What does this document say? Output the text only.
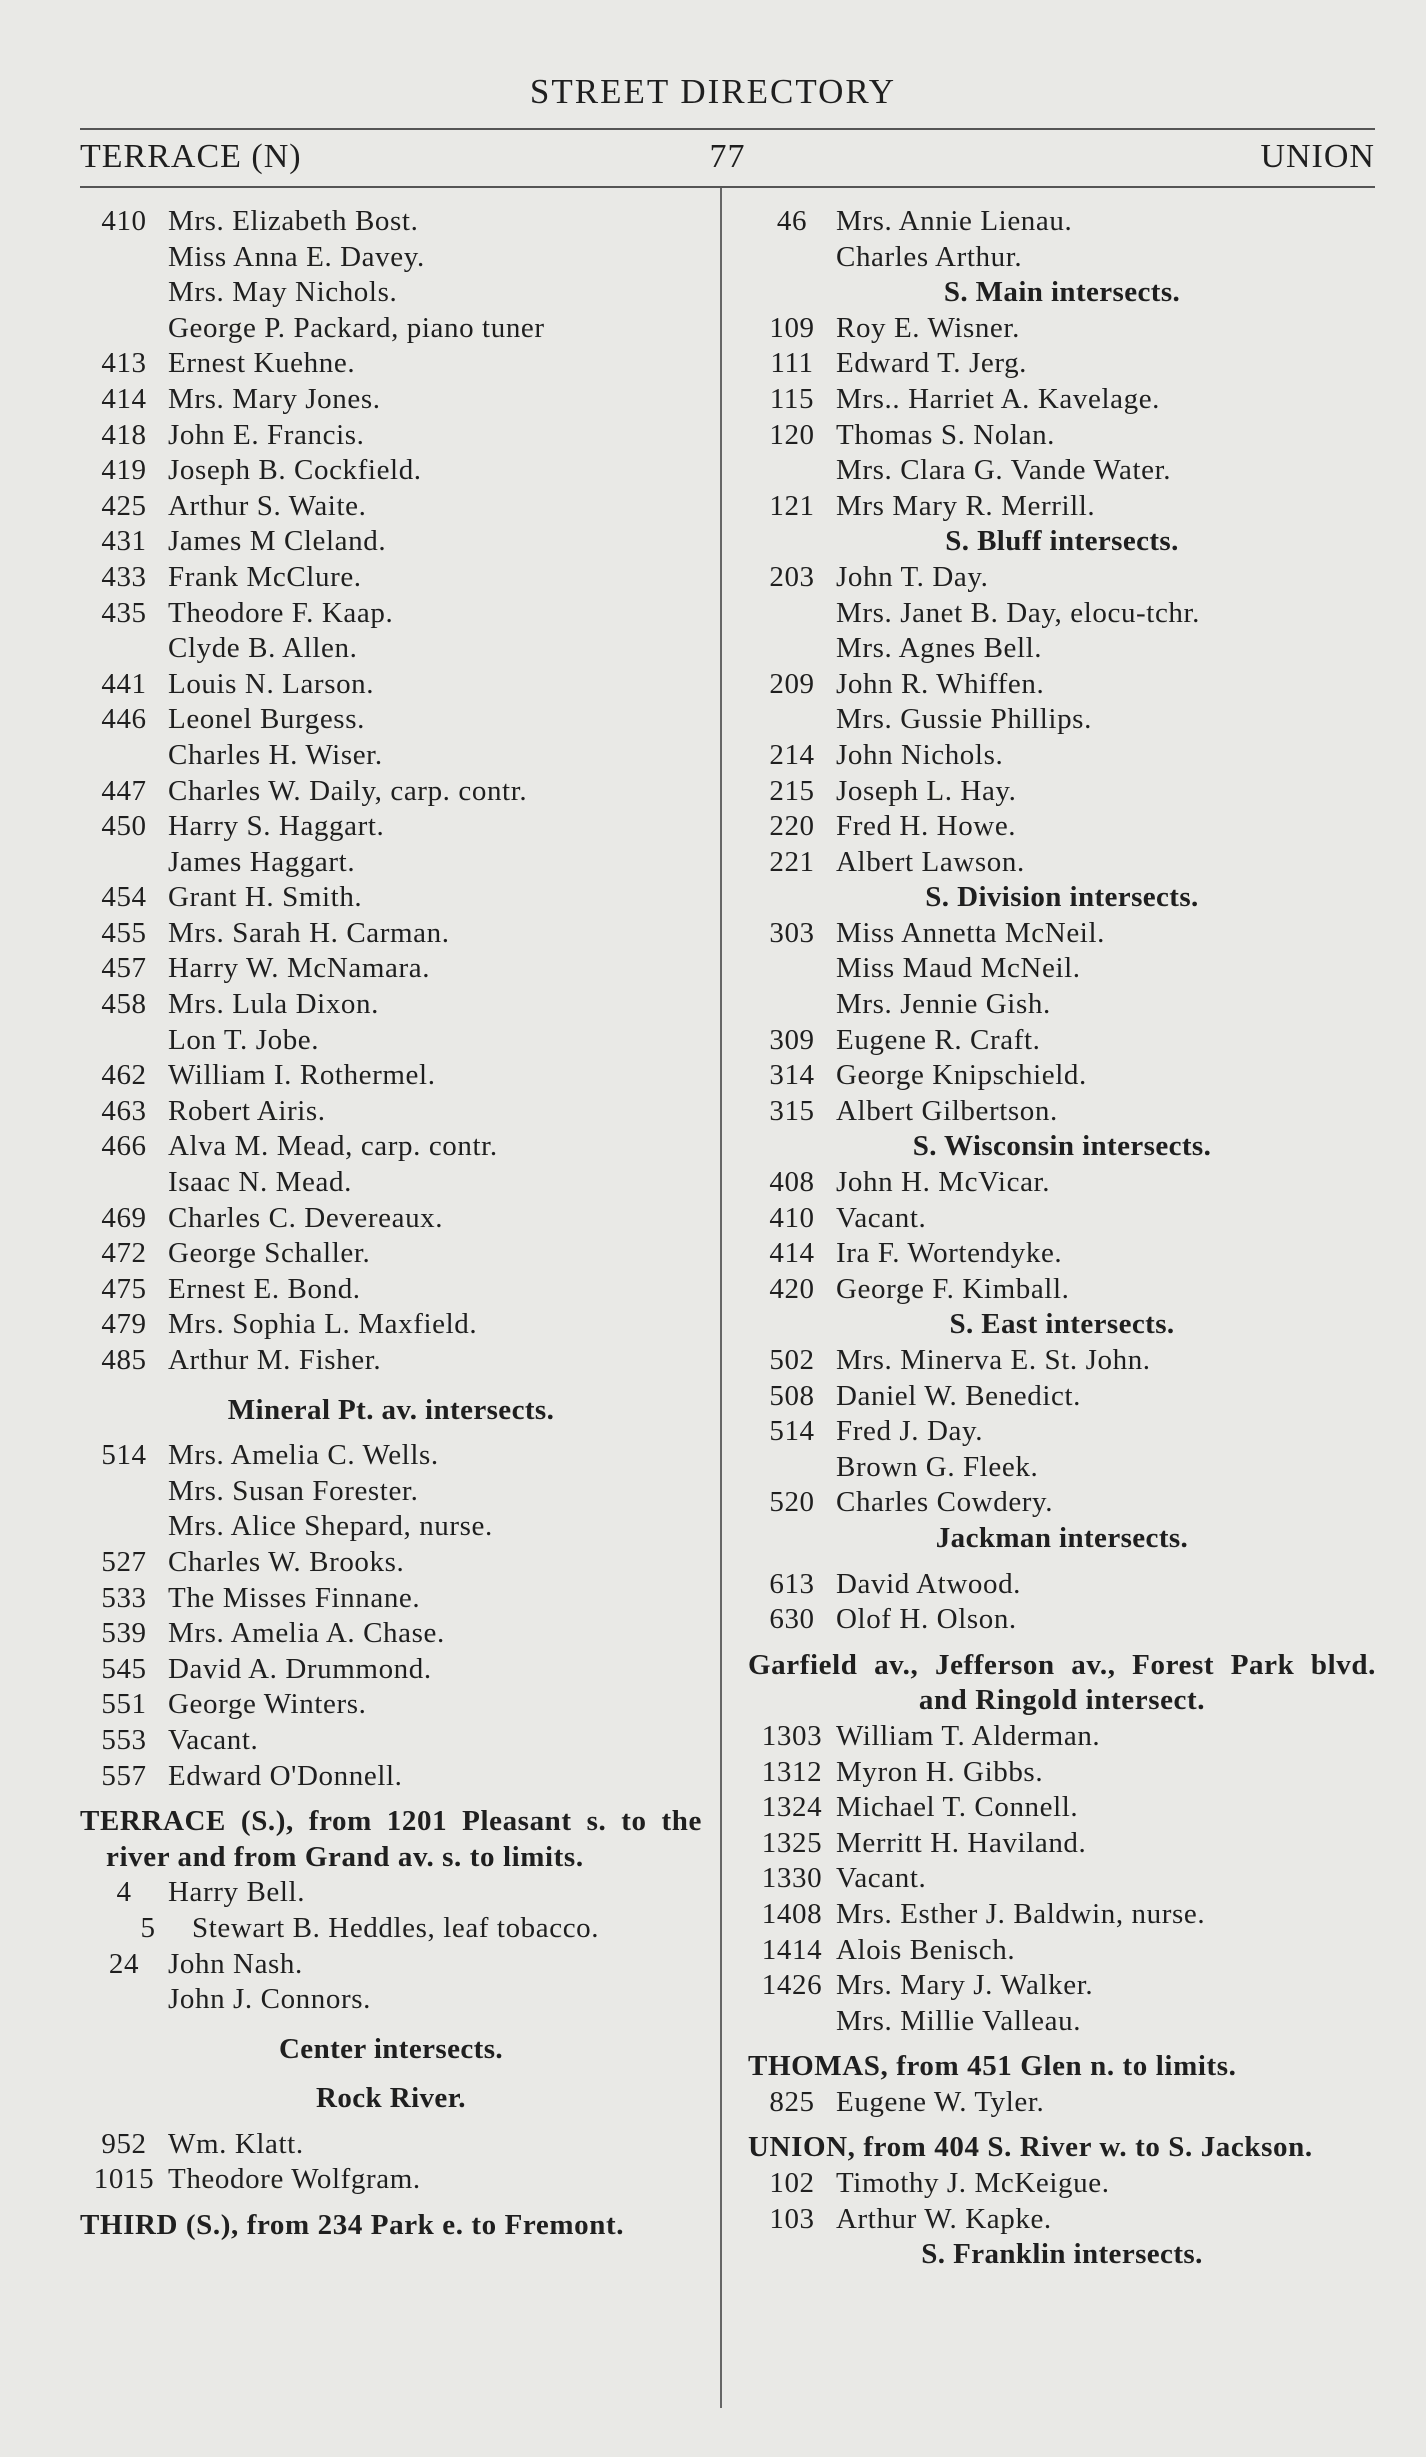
STREET DIRECTORY
TERRACE (N)	77	UNION
410 Mrs. Elizabeth Bost.
Miss Anna E. Davey.
Mrs. May Nichols.
George P. Packard, piano tuner
413 Ernest Kuehne.
414 Mrs. Mary Jones.
418 John E. Francis.
419 Joseph B. Cockfield.
425 Arthur S. Waite.
431 James M Cleland.
433 Frank McClure.
435 Theodore F. Kaap.
Clyde B. Allen.
441 Louis N. Larson.
446 Leonel Burgess.
Charles H. Wiser.
447 Charles W. Daily, carp. contr.
450 Harry S. Haggart.
James Haggart.
454 Grant H. Smith.
455 Mrs. Sarah H. Carman.
457 Harry W. McNamara.
458 Mrs. Lula Dixon.
Lon T. Jobe.
462 William I. Rothermel.
463 Robert Airis.
466 Alva M. Mead, carp. contr.
Isaac N. Mead.
469 Charles C. Devereaux.
472 George Schaller.
475 Ernest E. Bond.
479 Mrs. Sophia L. Maxfield.
485 Arthur M. Fisher.
Mineral Pt. av. intersects.
514 Mrs. Amelia C. Wells.
Mrs. Susan Forester.
Mrs. Alice Shepard, nurse.
527 Charles W. Brooks.
533 The Misses Finnane.
539 Mrs. Amelia A. Chase.
545 David A. Drummond.
551 George Winters.
553 Vacant.
557 Edward O'Donnell.
TERRACE (S.), from 1201 Pleasant s. to the river and from Grand av. s. to limits.
4 Harry Bell.
5 Stewart B. Heddles, leaf tobacco.
24 John Nash.
John J. Connors.
Center intersects.
Rock River.
952 Wm. Klatt.
1015 Theodore Wolfgram.
THIRD (S.), from 234 Park e. to Fremont.
46 Mrs. Annie Lienau.
Charles Arthur.
S. Main intersects.
109 Roy E. Wisner.
111 Edward T. Jerg.
115 Mrs.. Harriet A. Kavelage.
120 Thomas S. Nolan.
Mrs. Clara G. Vande Water.
121 Mrs Mary R. Merrill.
S. Bluff intersects.
203 John T. Day.
Mrs. Janet B. Day, elocu-tchr.
Mrs. Agnes Bell.
209 John R. Whiffen.
Mrs. Gussie Phillips.
214 John Nichols.
215 Joseph L. Hay.
220 Fred H. Howe.
221 Albert Lawson.
S. Division intersects.
303 Miss Annetta McNeil.
Miss Maud McNeil.
Mrs. Jennie Gish.
309 Eugene R. Craft.
314 George Knipschield.
315 Albert Gilbertson.
S. Wisconsin intersects.
408 John H. McVicar.
410 Vacant.
414 Ira F. Wortendyke.
420 George F. Kimball.
S. East intersects.
502 Mrs. Minerva E. St. John.
508 Daniel W. Benedict.
514 Fred J. Day.
Brown G. Fleek.
520 Charles Cowdery.
Jackman intersects.
613 David Atwood.
630 Olof H. Olson.
Garfield av., Jefferson av., Forest Park blvd. and Ringold intersect.
1303 William T. Alderman.
1312 Myron H. Gibbs.
1324 Michael T. Connell.
1325 Merritt H. Haviland.
1330 Vacant.
1408 Mrs. Esther J. Baldwin, nurse.
1414 Alois Benisch.
1426 Mrs. Mary J. Walker.
Mrs. Millie Valleau.
THOMAS, from 451 Glen n. to limits.
825 Eugene W. Tyler.
UNION, from 404 S. River w. to S. Jackson.
102 Timothy J. McKeigue.
103 Arthur W. Kapke.
S. Franklin intersects.
